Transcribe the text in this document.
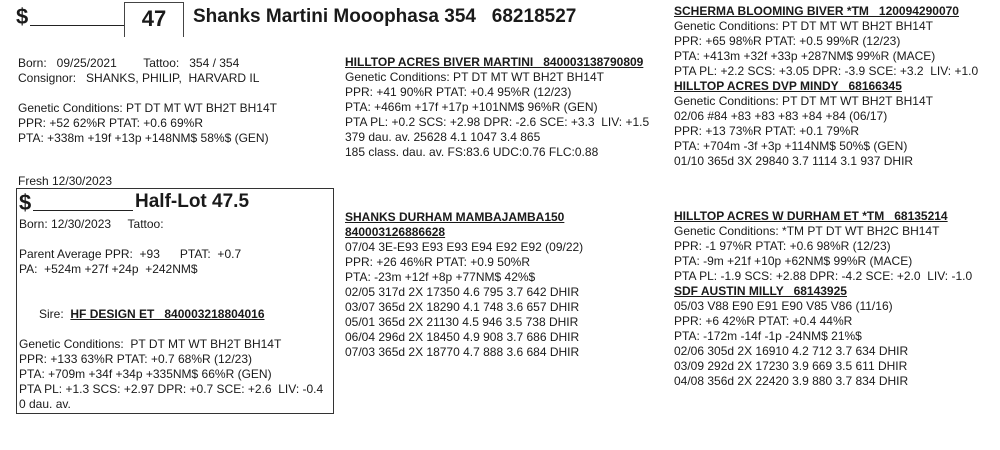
$	47	Shanks Martini Mooophasa 354   68218527

Born:   09/25/2021        Tattoo:   354 / 354

Consignor:   SHANKS, PHILIP,  HARVARD IL

Genetic Conditions: PT DT MT WT BH2T BH14T

PPR: +52 62%R PTAT: +0.6 69%R

PTA: +338m +19f +13p +148NM$ 58%$ (GEN)

Fresh 12/30/2023

$	Half-Lot 47.5

Born: 12/30/2023     Tattoo:

Parent Average PPR:  +93      PTAT:  +0.7

PA:  +524m +27f +24p  +242NM$

Sire: HF DESIGN ET   840003218804016

Genetic Conditions:  PT DT MT WT BH2T BH14T

PPR: +133 63%R PTAT: +0.7 68%R (12/23)

PTA: +709m +34f +34p +335NM$ 66%R (GEN)

PTA PL: +1.3 SCS: +2.97 DPR: +0.7 SCE: +2.6  LIV: -0.4

0 dau. av.

HILLTOP ACRES BIVER MARTINI   840003138790809

Genetic Conditions: PT DT MT WT BH2T BH14T

PPR: +41 90%R PTAT: +0.4 95%R (12/23)

PTA: +466m +17f +17p +101NM$ 96%R (GEN)

PTA PL: +0.2 SCS: +2.98 DPR: -2.6 SCE: +3.3  LIV: +1.5

379 dau. av. 25628 4.1 1047 3.4 865

185 class. dau. av. FS:83.6 UDC:0.76 FLC:0.88

SHANKS DURHAM MAMBAJAMBA150

840003126886628

07/04 3E-E93 E93 E93 E94 E92 E92 (09/22)

PPR: +26 46%R PTAT: +0.9 50%R

PTA: -23m +12f +8p +77NM$ 42%$

02/05 317d 2X 17350 4.6 795 3.7 642 DHIR

03/07 365d 2X 18290 4.1 748 3.6 657 DHIR

05/01 365d 2X 21130 4.5 946 3.5 738 DHIR

06/04 296d 2X 18450 4.9 908 3.7 686 DHIR

07/03 365d 2X 18770 4.7 888 3.6 684 DHIR

SCHERMA BLOOMING BIVER *TM   120094290070

Genetic Conditions: PT DT MT WT BH2T BH14T

PPR: +65 98%R PTAT: +0.5 99%R (12/23)

PTA: +413m +32f +33p +287NM$ 99%R (MACE)

PTA PL: +2.2 SCS: +3.05 DPR: -3.9 SCE: +3.2  LIV: +1.0

HILLTOP ACRES DVP MINDY   68166345

Genetic Conditions: PT DT MT WT BH2T BH14T

02/06 #84 +83 +83 +83 +84 +84 (06/17)

PPR: +13 73%R PTAT: +0.1 79%R

PTA: +704m -3f +3p +114NM$ 50%$ (GEN)

01/10 365d 3X 29840 3.7 1114 3.1 937 DHIR

HILLTOP ACRES W DURHAM ET *TM   68135214

Genetic Conditions: *TM PT DT WT BH2C BH14T

PPR: -1 97%R PTAT: +0.6 98%R (12/23)

PTA: -9m +21f +10p +62NM$ 99%R (MACE)

PTA PL: -1.9 SCS: +2.88 DPR: -4.2 SCE: +2.0  LIV: -1.0

SDF AUSTIN MILLY   68143925

05/03 V88 E90 E91 E90 V85 V86 (11/16)

PPR: +6 42%R PTAT: +0.4 44%R

PTA: -172m -14f -1p -24NM$ 21%$

02/06 305d 2X 16910 4.2 712 3.7 634 DHIR

03/09 292d 2X 17230 3.9 669 3.5 611 DHIR

04/08 356d 2X 22420 3.9 880 3.7 834 DHIR
